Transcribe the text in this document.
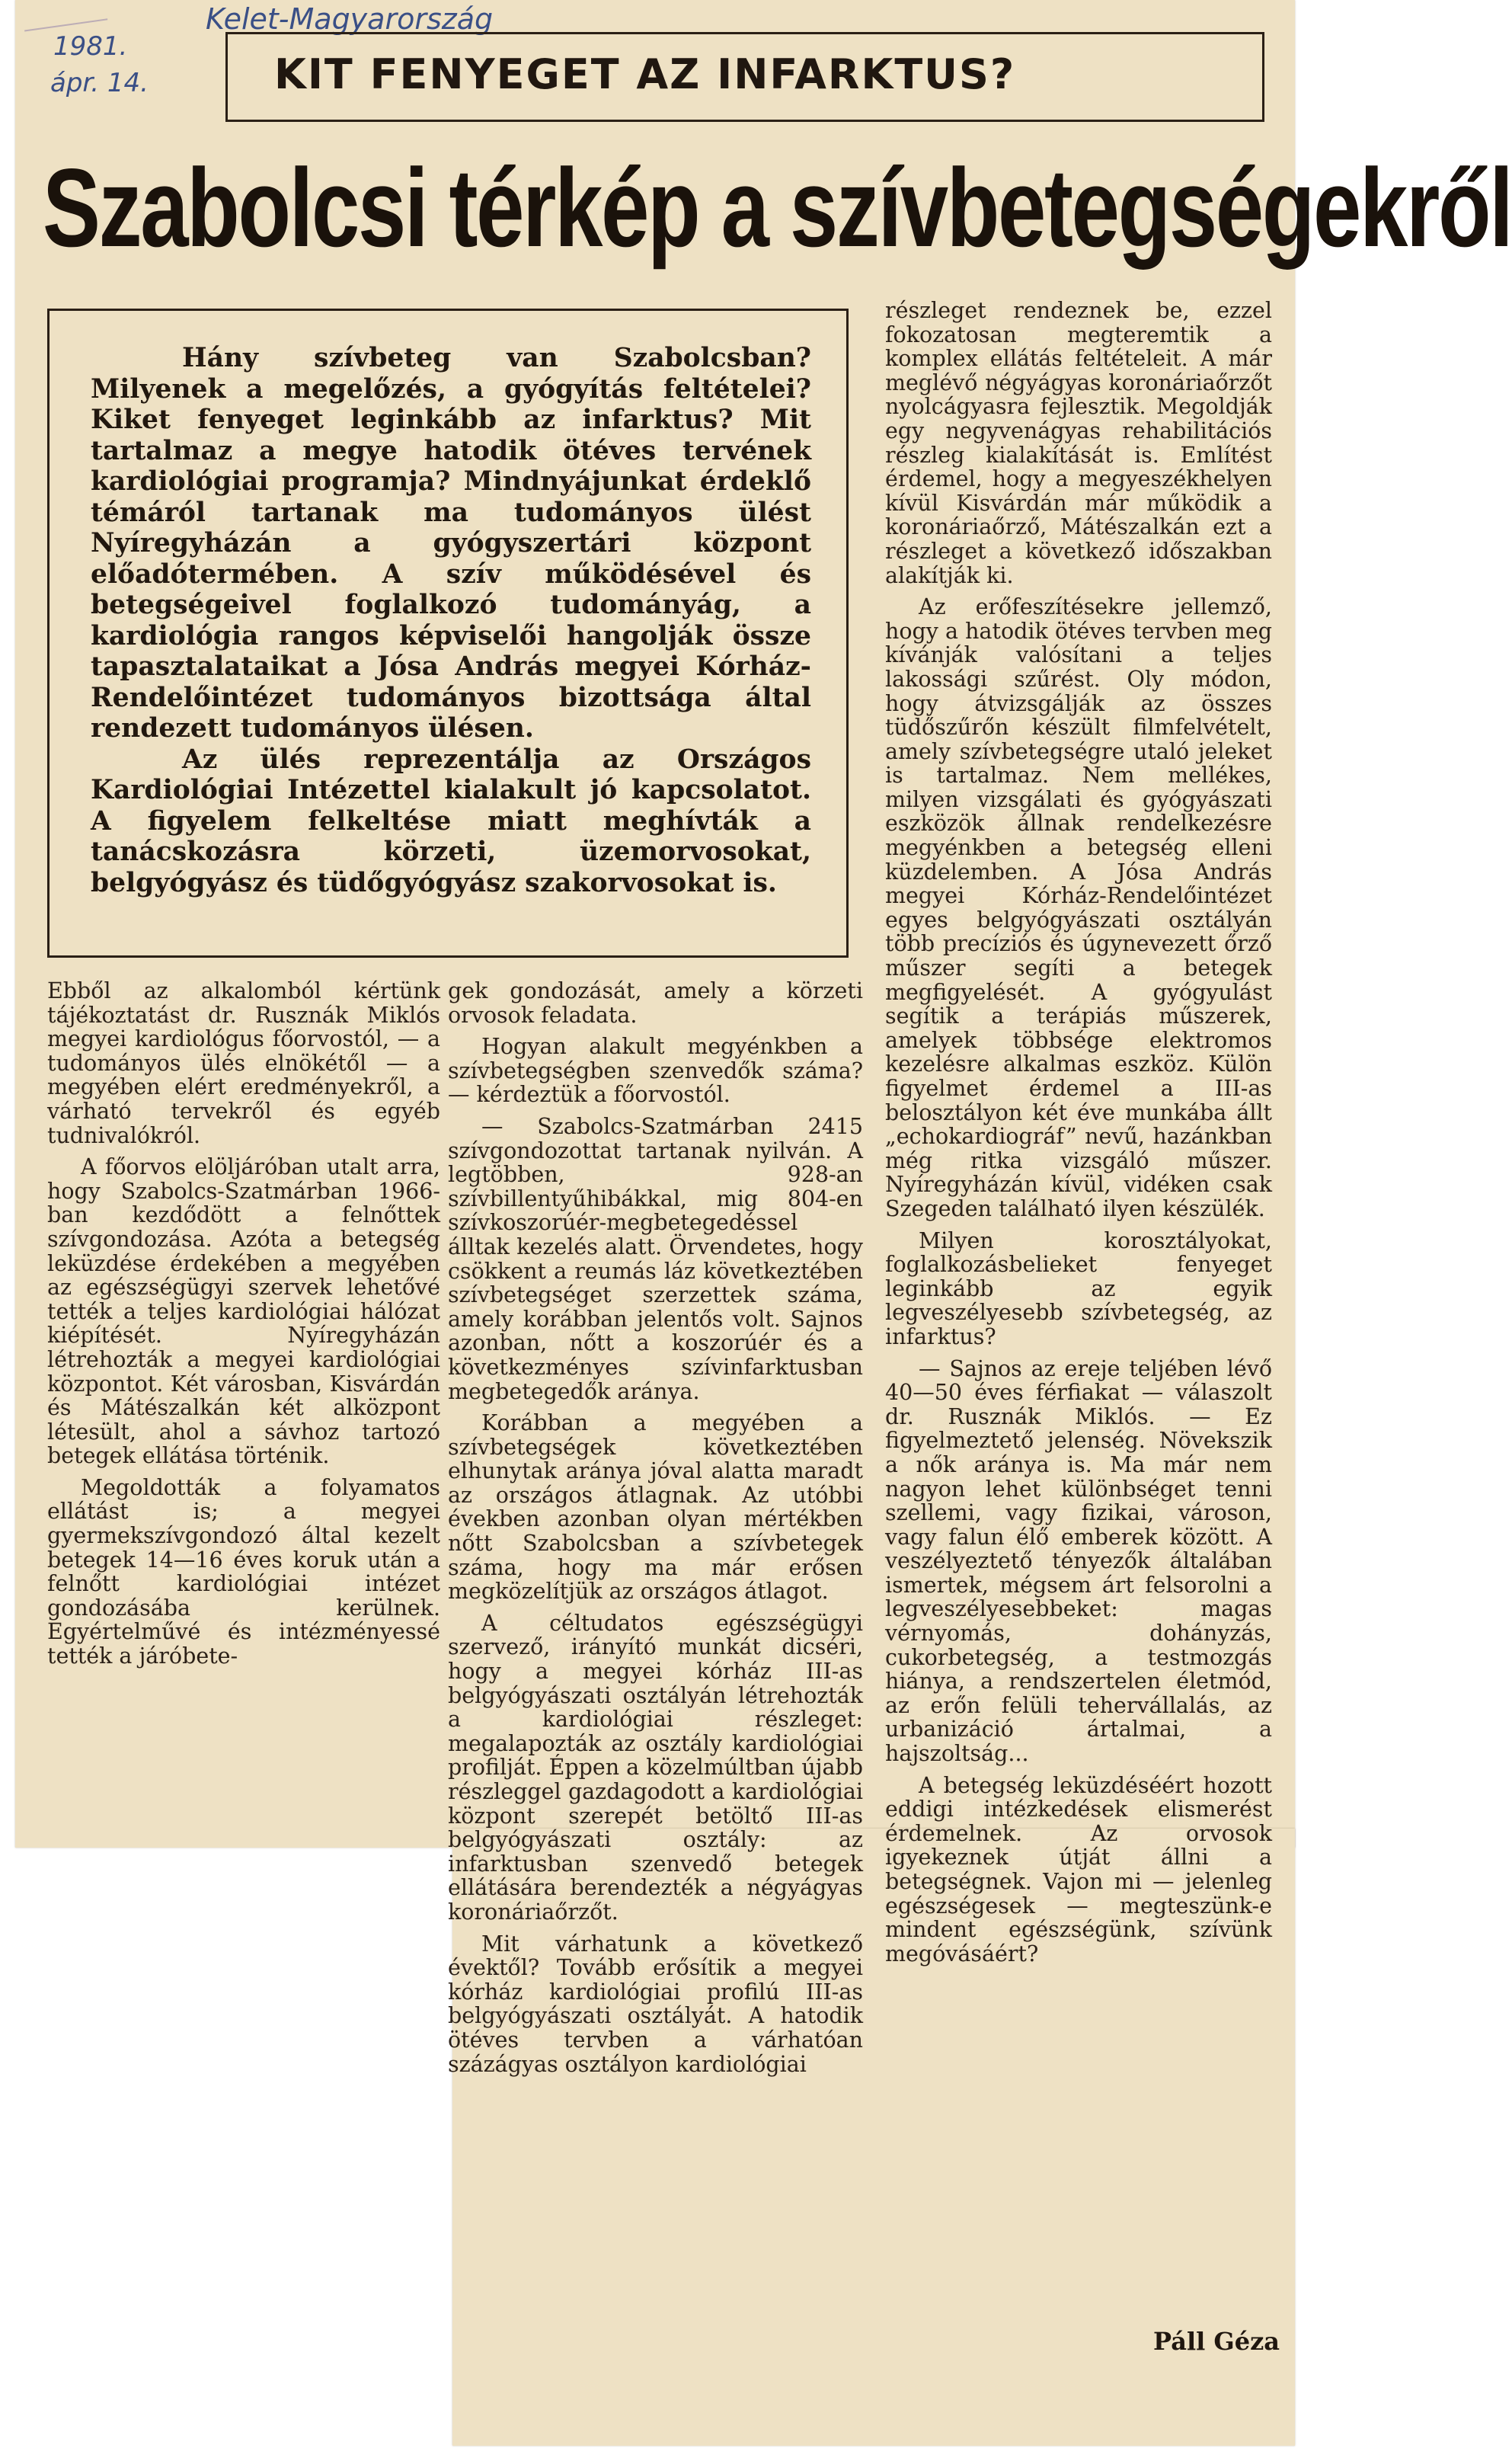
Kelet-Magyarország
1981.
ápr. 14.	KIT FENYEGET AZ INFARKTUS?
Szabolcsi térkép a szívbetegségekről

Hány szívbeteg van Szabolcsban? Milyenek a megelőzés, a gyógyítás feltételei? Kiket fenyeget leginkább az infarktus? Mit tartalmaz a megye hatodik ötéves tervének kardiológiai programja? Mindnyájunkat érdeklő témáról tartanak ma tudományos ülést Nyíregyházán a gyógyszertári központ előadótermében. A szív működésével és betegségeivel foglalkozó tudományág, a kardiológia rangos képviselői hangolják össze tapasztalataikat a Jósa András megyei Kórház-Rendelőintézet tudományos bizottsága által rendezett tudományos ülésen.

Az ülés reprezentálja az Országos Kardiológiai Intézettel kialakult jó kapcsolatot. A figyelem felkeltése miatt meghívták a tanácskozásra körzeti, üzemorvosokat, belgyógyász és tüdőgyógyász szakorvosokat is.

Ebből az alkalomból kértünk tájékoztatást dr. Rusznák Miklós megyei kardiológus főorvostól, — a tudományos ülés elnökétől — a megyében elért eredményekről, a várható tervekről és egyéb tudnivalókról.

A főorvos elöljáróban utalt arra, hogy Szabolcs-Szatmárban 1966-ban kezdődött a felnőttek szívgondozása. Azóta a betegség leküzdése érdekében a megyében az egészségügyi szervek lehetővé tették a teljes kardiológiai hálózat kiépítését. Nyíregyházán létrehozták a megyei kardiológiai központot. Két városban, Kisvárdán és Mátészalkán két alközpont létesült, ahol a sávhoz tartozó betegek ellátása történik.

Megoldották a folyamatos ellátást is; a megyei gyermekszívgondozó által kezelt betegek 14—16 éves koruk után a felnőtt kardiológiai intézet gondozásába kerülnek. Egyértelművé és intézményessé tették a járóbete-

gek gondozását, amely a körzeti orvosok feladata.

Hogyan alakult megyénkben a szívbetegségben szenvedők száma? — kérdeztük a főorvostól.

— Szabolcs-Szatmárban 2415 szívgondozottat tartanak nyilván. A legtöbben, 928-an szívbillentyűhibákkal, mig 804-en szívkoszorúér-megbetegedéssel álltak kezelés alatt. Örvendetes, hogy csökkent a reumás láz következtében szívbetegséget szerzettek száma, amely korábban jelentős volt. Sajnos azonban, nőtt a koszorúér és a következményes szívinfarktusban megbetegedők aránya.

Korábban a megyében a szívbetegségek következtében elhunytak aránya jóval alatta maradt az országos átlagnak. Az utóbbi években azonban olyan mértékben nőtt Szabolcsban a szívbetegek száma, hogy ma már erősen megközelítjük az országos átlagot.

A céltudatos egészségügyi szervező, irányító munkát dicséri, hogy a megyei kórház III-as belgyógyászati osztályán létrehozták a kardiológiai részleget: megalapozták az osztály kardiológiai profilját. Éppen a közelmúltban újabb részleggel gazdagodott a kardiológiai központ szerepét betöltő III-as belgyógyászati osztály: az infarktusban szenvedő betegek ellátására berendezték a négyágyas koronáriaőrzőt.

Mit várhatunk a következő évektől? Tovább erősítik a megyei kórház kardiológiai profilú III-as belgyógyászati osztályát. A hatodik ötéves tervben a várhatóan százágyas osztályon kardiológiai

részleget rendeznek be, ezzel fokozatosan megteremtik a komplex ellátás feltételeit. A már meglévő négyágyas koronáriaőrzőt nyolcágyasra fejlesztik. Megoldják egy negyvenágyas rehabilitációs részleg kialakítását is. Említést érdemel, hogy a megyeszékhelyen kívül Kisvárdán már működik a koronáriaőrző, Mátészalkán ezt a részleget a következő időszakban alakítják ki.

Az erőfeszítésekre jellemző, hogy a hatodik ötéves tervben meg kívánják valósítani a teljes lakossági szűrést. Oly módon, hogy átvizsgálják az összes tüdőszűrőn készült filmfelvételt, amely szívbetegségre utaló jeleket is tartalmaz. Nem mellékes, milyen vizsgálati és gyógyászati eszközök állnak rendelkezésre megyénkben a betegség elleni küzdelemben. A Jósa András megyei Kórház-Rendelőintézet egyes belgyógyászati osztályán több precíziós és úgynevezett őrző műszer segíti a betegek megfigyelését. A gyógyulást segítik a terápiás műszerek, amelyek többsége elektromos kezelésre alkalmas eszköz. Külön figyelmet érdemel a III-as belosztályon két éve munkába állt „echokardiográf” nevű, hazánkban még ritka vizsgáló műszer. Nyíregyházán kívül, vidéken csak Szegeden található ilyen készülék.

Milyen korosztályokat, foglalkozásbelieket fenyeget leginkább az egyik legveszélyesebb szívbetegség, az infarktus?

— Sajnos az ereje teljében lévő 40—50 éves férfiakat — válaszolt dr. Rusznák Miklós. — Ez figyelmeztető jelenség. Növekszik a nők aránya is. Ma már nem nagyon lehet különbséget tenni szellemi, vagy fizikai, városon, vagy falun élő emberek között. A veszélyeztető tényezők általában ismertek, mégsem árt felsorolni a legveszélyesebbeket: magas vérnyomás, dohányzás, cukorbetegség, a testmozgás hiánya, a rendszertelen életmód, az erőn felüli tehervállalás, az urbanizáció ártalmai, a hajszoltság...

A betegség leküzdéséért hozott eddigi intézkedések elismerést érdemelnek. Az orvosok igyekeznek útját állni a betegségnek. Vajon mi — jelenleg egészségesek — megteszünk-e mindent egészségünk, szívünk megóvásáért?

Páll Géza
